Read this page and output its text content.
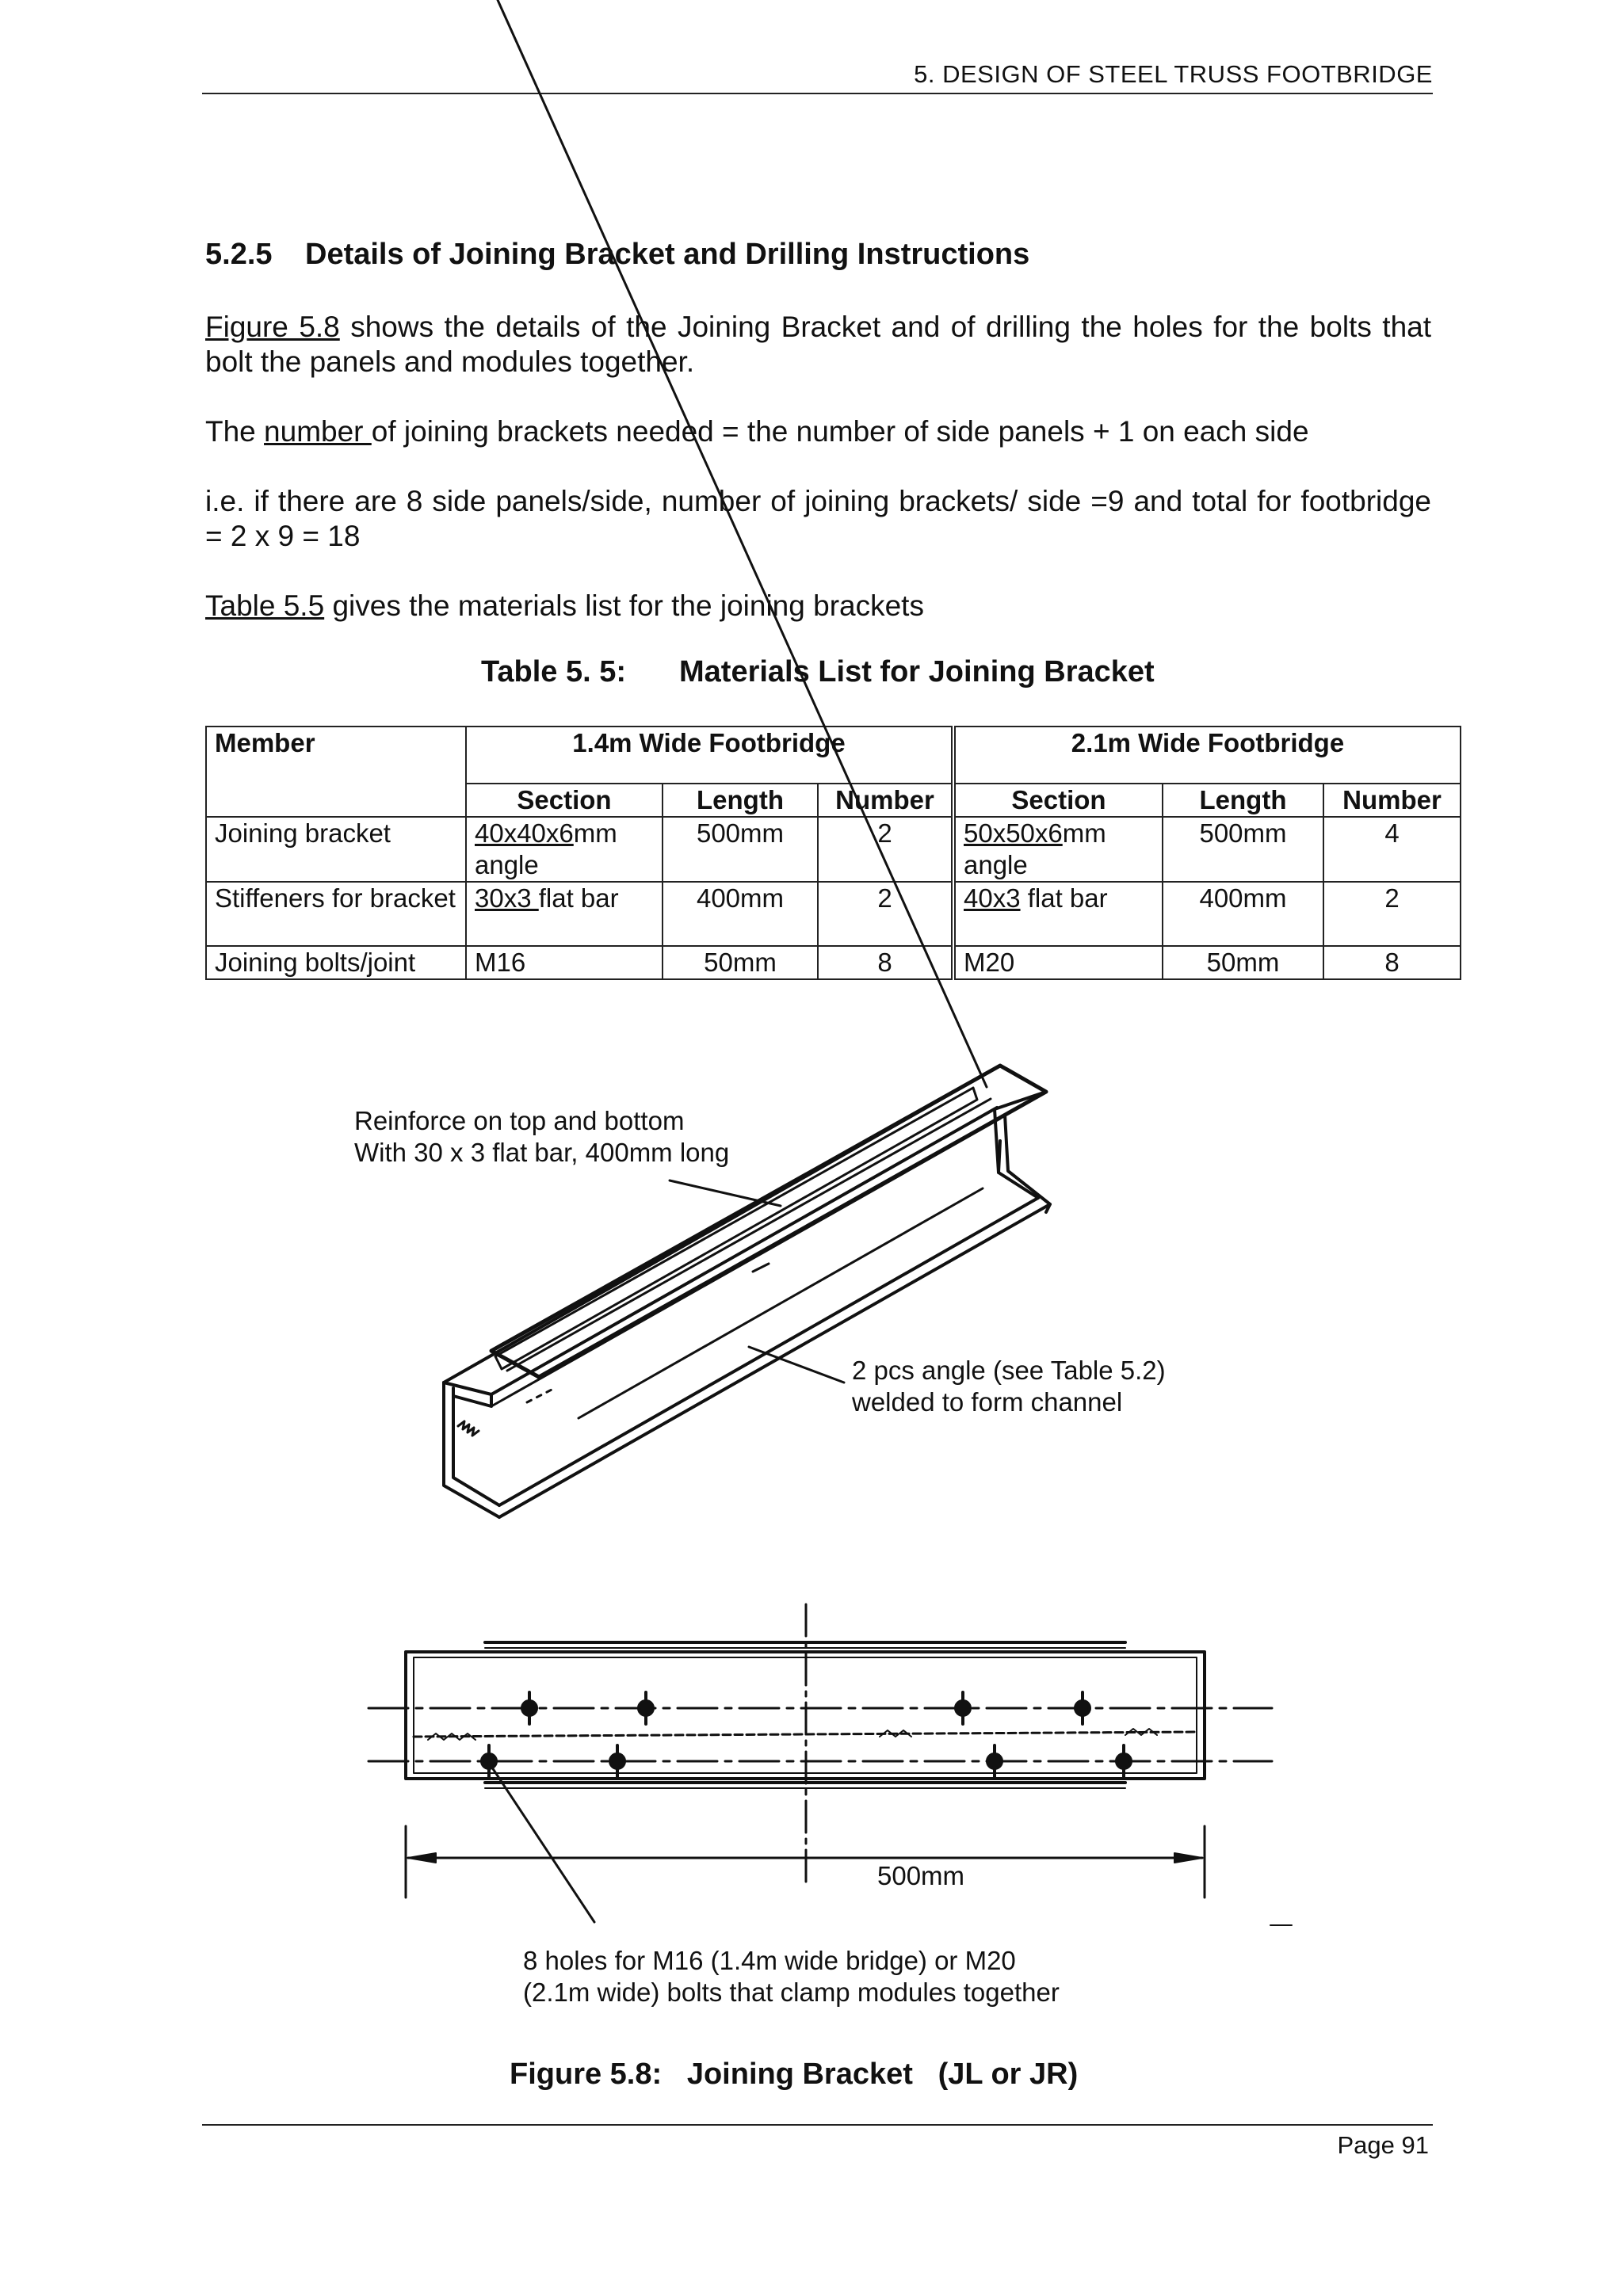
5. DESIGN OF STEEL TRUSS FOOTBRIDGE
5.2.5 Details of Joining Bracket and Drilling Instructions
Figure 5.8 shows the details of the Joining Bracket and of drilling the holes for the bolts that bolt the panels and modules together.
The number of joining brackets needed = the number of side panels + 1 on each side
i.e. if there are 8 side panels/side, number of joining brackets/ side =9 and total for footbridge = 2 x 9 = 18
Table 5.5 gives the materials list for the joining brackets
Table 5. 5: Materials List for Joining Bracket
Member	1.4m Wide Footbridge			2.1m Wide Footbridge		
	Section	Length	Number	Section	Length	Number
Joining bracket	40x40x6mm angle	500mm	2	50x50x6mm angle	500mm	4
Stiffeners for bracket	30x3 flat bar	400mm	2	40x3 flat bar	400mm	2
Joining bolts/joint	M16	50mm	8	M20	50mm	8
Reinforce on top and bottom
With 30 x 3 flat bar, 400mm long
2 pcs angle (see Table 5.2)
welded to form channel
500mm
8 holes for M16 (1.4m wide bridge) or M20
(2.1m wide) bolts that clamp modules together
Figure 5.8:   Joining Bracket   (JL or JR)
Page 91
